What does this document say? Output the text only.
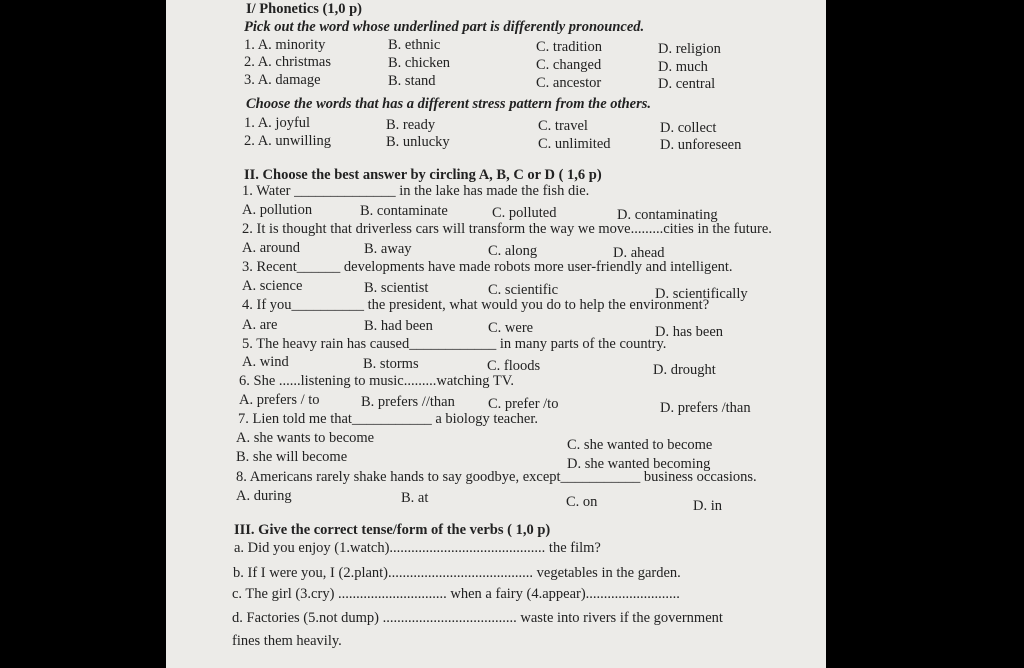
I/ Phonetics (1,0 p)
Pick out the word whose underlined part is differently pronounced.
1. A. minority	B. ethnic	C. tradition	D. religion
2. A. christmas	B. chicken	C. changed	D. much
3. A. damage	B. stand	C. ancestor	D. central
Choose the words that has a different stress pattern from the others.
1. A. joyful	B. ready	C. travel	D. collect
2. A. unwilling	B. unlucky	C. unlimited	D. unforeseen
II. Choose the best answer by circling A, B, C or D ( 1,6 p)
1. Water ______________ in the lake has made the fish die.
A. pollution	B. contaminate	C. polluted	D. contaminating
2. It is thought that driverless cars will transform the way we move.........cities in the future.
A. around	B. away	C. along	D. ahead
3. Recent______ developments have made robots more user-friendly and intelligent.
A. science	B. scientist	C. scientific	D. scientifically
4. If you__________ the president, what would you do to help the environment?
A. are	B. had been	C. were	D. has been
5. The heavy rain has caused____________ in many parts of the country.
A. wind	B. storms	C. floods	D. drought
6. She ......listening to music.........watching TV.
A. prefers / to	B. prefers //than C. prefer /to	D. prefers /than
7. Lien told me that___________ a biology teacher.
A. she wants to become	C. she wanted to become
B. she will become	D. she wanted becoming
8. Americans rarely shake hands to say goodbye, except___________ business occasions.
A. during	B. at	C. on	D. in
III. Give the correct tense/form of the verbs ( 1,0 p)
a. Did you enjoy (1.watch)........................................... the film?
b. If I were you, I (2.plant)........................................ vegetables in the garden.
c. The girl (3.cry) .............................. when a fairy (4.appear)..........................
d. Factories (5.not dump) ..................................... waste into rivers if the government
fines them heavily.
